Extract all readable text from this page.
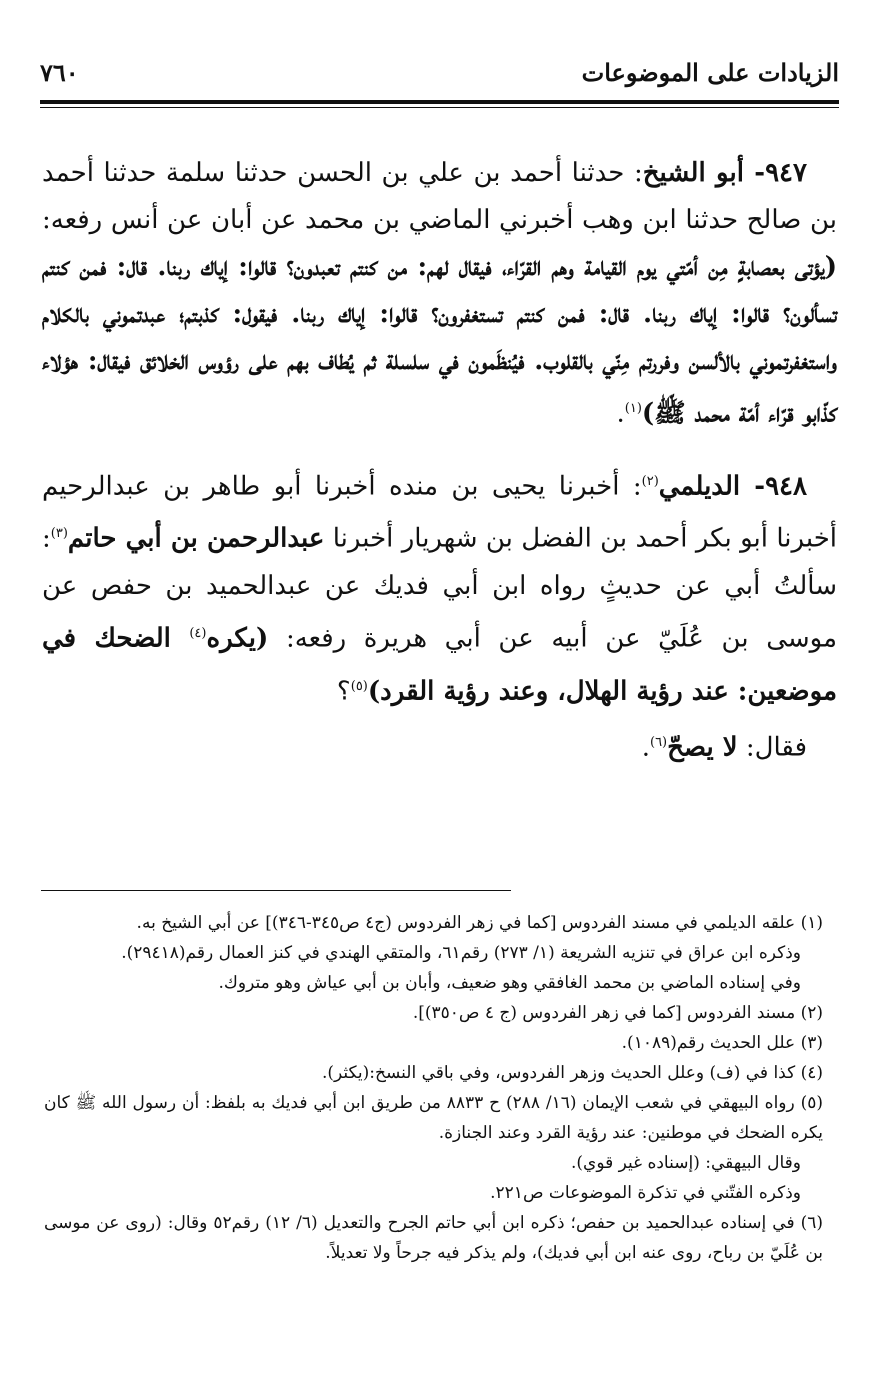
الزيادات على الموضوعات
٧٦٠

٩٤٧- أبو الشيخ: حدثنا أحمد بن علي بن الحسن حدثنا سلمة حدثنا أحمد بن صالح حدثنا ابن وهب أخبرني الماضي بن محمد عن أبان عن أنس رفعه: (يؤتى بعصابةٍ مِن أمّتي يوم القيامة وهم القرّاء، فيقال لهم: من كنتم تعبدون؟ قالوا: إياك ربنا. قال: فمن كنتم تسألون؟ قالوا: إياك ربنا. قال: فمن كنتم تستغفرون؟ قالوا: إياك ربنا. فيقول: كذبتم؛ عبدتموني بالكلام واستغفرتموني بالألسن وفررتم مِنّي بالقلوب. فيُنظَمون في سلسلة ثم يُطاف بهم على رؤوس الخلائق فيقال: هؤلاء كذّابو قرّاء أمّة محمد ﷺ)$^{(١)}$.

٩٤٨- الديلمي$^{(٢)}$: أخبرنا يحيى بن منده أخبرنا أبو طاهر بن عبدالرحيم أخبرنا أبو بكر أحمد بن الفضل بن شهريار أخبرنا عبدالرحمن بن أبي حاتم$^{(٣)}$: سألتُ أبي عن حديثٍ رواه ابن أبي فديك عن عبدالحميد بن حفص عن موسى بن عُلَيّ عن أبيه عن أبي هريرة رفعه: (يكره$^{(٤)}$ الضحك في موضعين: عند رؤية الهلال، وعند رؤية القرد)$^{(٥)}$؟

فقال: لا يصحّ$^{(٦)}$.

(١) علقه الديلمي في مسند الفردوس [كما في زهر الفردوس (ج٤ ص٣٤٥-٣٤٦)] عن أبي الشيخ به.

وذكره ابن عراق في تنزيه الشريعة (١/ ٢٧٣) رقم٦١، والمتقي الهندي في كنز العمال رقم(٢٩٤١٨).

وفي إسناده الماضي بن محمد الغافقي وهو ضعيف، وأبان بن أبي عياش وهو متروك.

(٢) مسند الفردوس [كما في زهر الفردوس (ج ٤ ص٣٥٠)].

(٣) علل الحديث رقم(١٠٨٩).

(٤) كذا في (ف) وعلل الحديث وزهر الفردوس، وفي باقي النسخ:(يكثر).

(٥) رواه البيهقي في شعب الإيمان (١٦/ ٢٨٨) ح ٨٨٣٣ من طريق ابن أبي فديك به بلفظ: أن رسول الله ﷺ كان يكره الضحك في موطنين: عند رؤية القرد وعند الجنازة.

وقال البيهقي: (إسناده غير قوي).

وذكره الفتّني في تذكرة الموضوعات ص٢٢١.

(٦) في إسناده عبدالحميد بن حفص؛ ذكره ابن أبي حاتم الجرح والتعديل (٦/ ١٢) رقم٥٢ وقال: (روى عن موسى بن عُلَيّ بن رباح، روى عنه ابن أبي فديك)، ولم يذكر فيه جرحاً ولا تعديلاً.
